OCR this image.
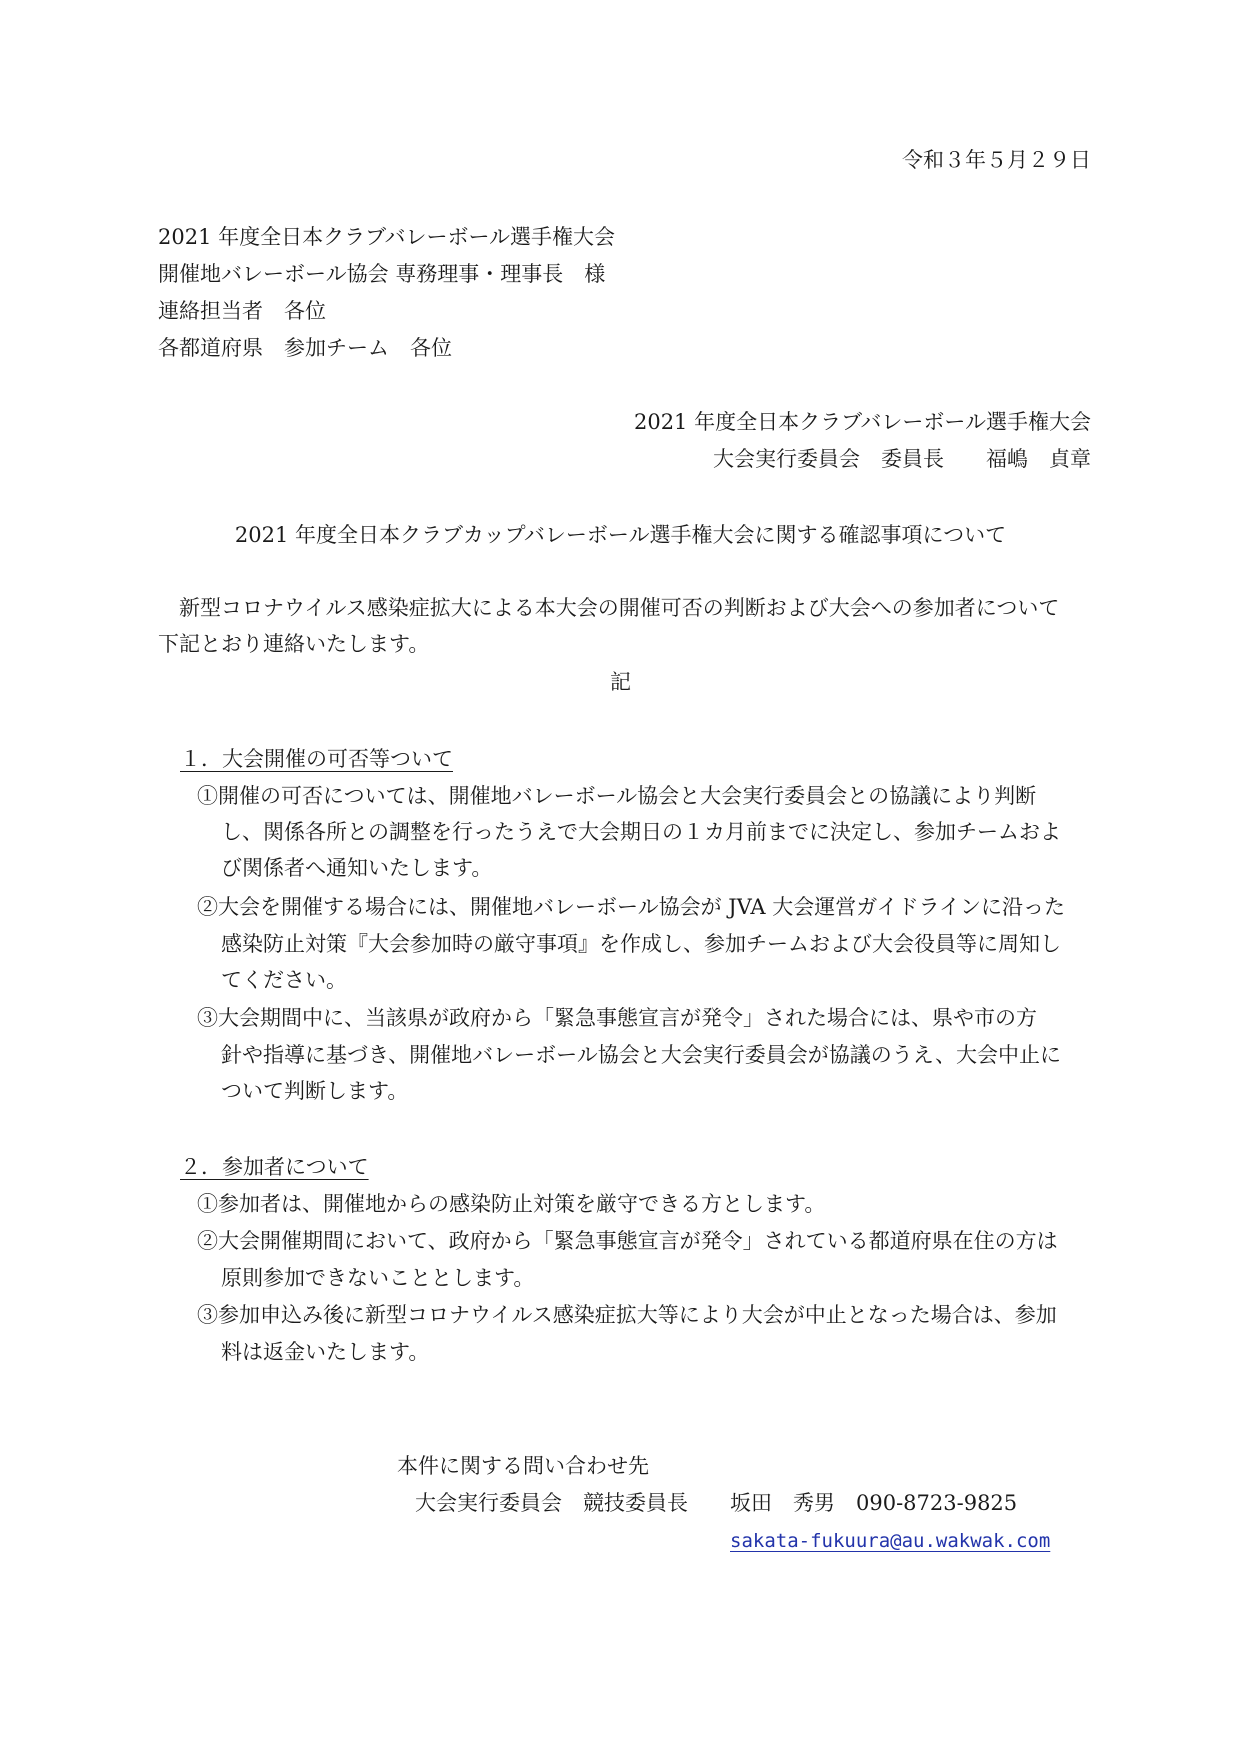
令和３年５月２９日
2021 年度全日本クラブバレーボール選手権大会
開催地バレーボール協会 専務理事・理事長　様
連絡担当者　各位
各都道府県　参加チーム　各位
2021 年度全日本クラブバレーボール選手権大会
大会実行委員会　委員長　　福嶋　貞章
2021 年度全日本クラブカップバレーボール選手権大会に関する確認事項について
　新型コロナウイルス感染症拡大による本大会の開催可否の判断および大会への参加者について
下記とおり連絡いたします。
記
１．大会開催の可否等ついて
①開催の可否については、開催地バレーボール協会と大会実行委員会との協議により判断
し、関係各所との調整を行ったうえで大会期日の１カ月前までに決定し、参加チームおよ
び関係者へ通知いたします。
②大会を開催する場合には、開催地バレーボール協会が JVA 大会運営ガイドラインに沿った
感染防止対策『大会参加時の厳守事項』を作成し、参加チームおよび大会役員等に周知し
てください。
③大会期間中に、当該県が政府から「緊急事態宣言が発令」された場合には、県や市の方
針や指導に基づき、開催地バレーボール協会と大会実行委員会が協議のうえ、大会中止に
ついて判断します。
２．参加者について
①参加者は、開催地からの感染防止対策を厳守できる方とします。
②大会開催期間において、政府から「緊急事態宣言が発令」されている都道府県在住の方は
原則参加できないこととします。
③参加申込み後に新型コロナウイルス感染症拡大等により大会が中止となった場合は、参加
料は返金いたします。
本件に関する問い合わせ先
大会実行委員会　競技委員長　　坂田　秀男　090-8723-9825
sakata-fukuura@au.wakwak.com
